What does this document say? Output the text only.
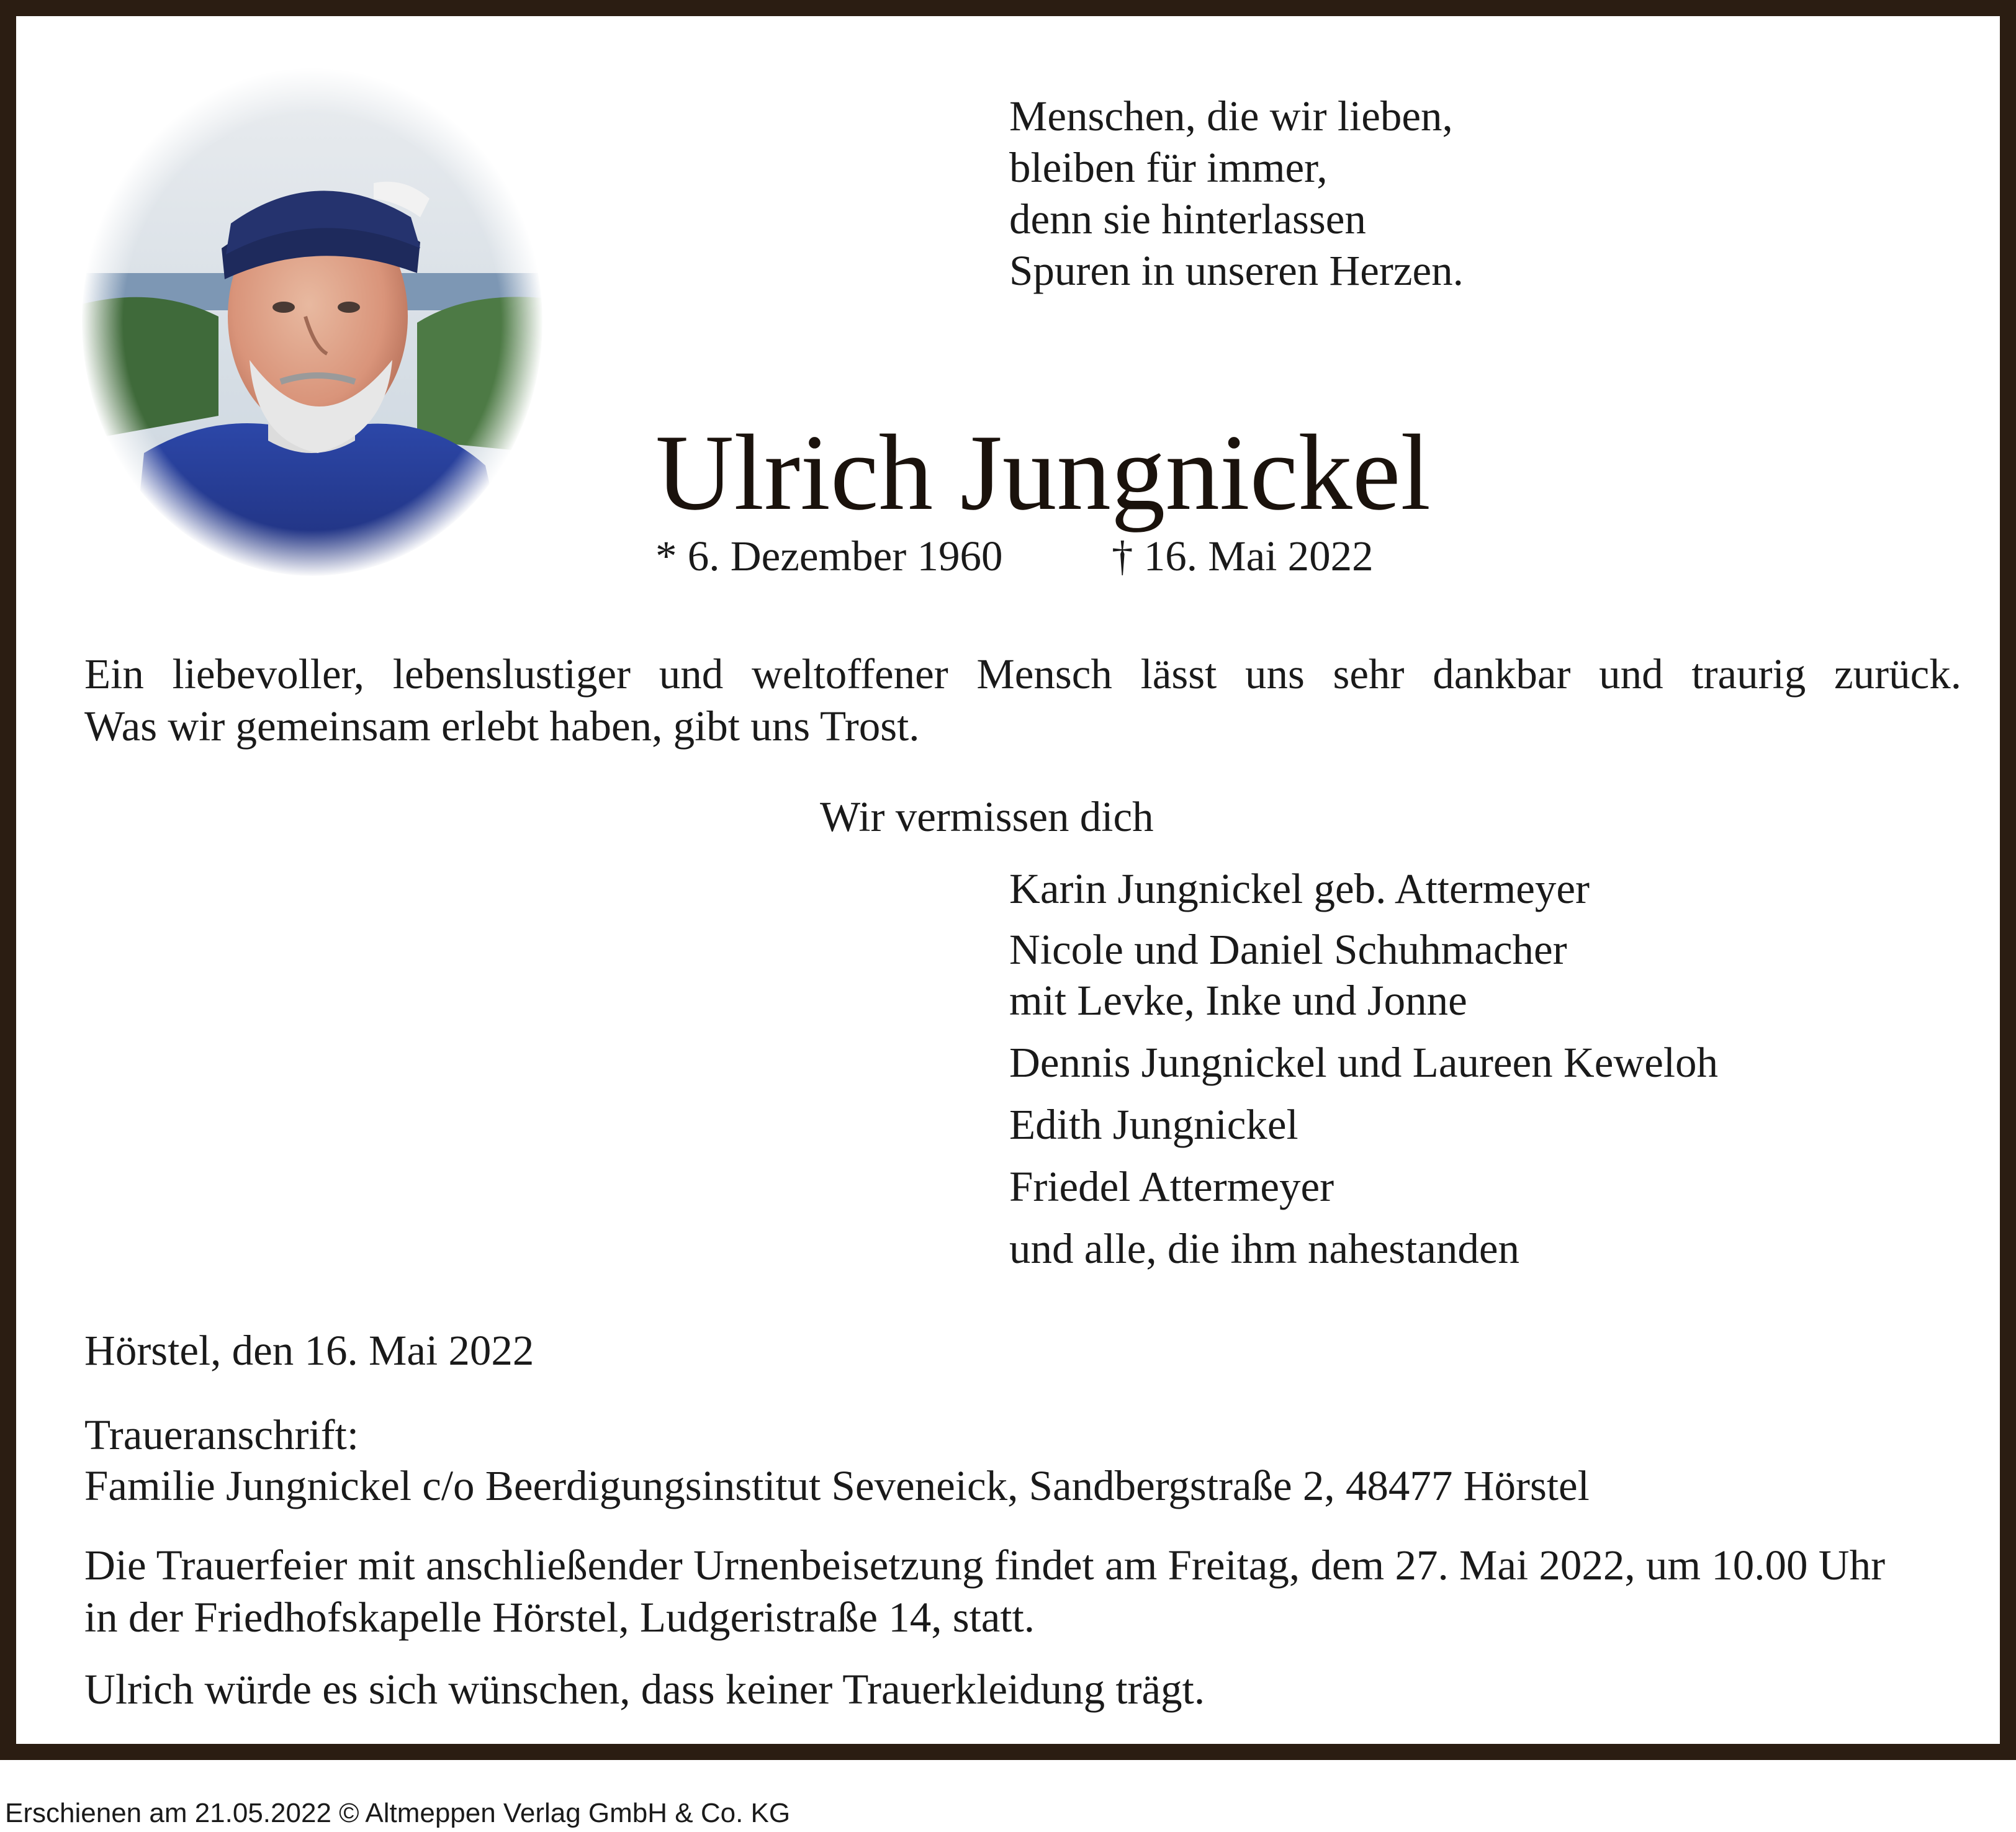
Menschen, die wir lieben,
bleiben für immer,
denn sie hinterlassen
Spuren in unseren Herzen.
Ulrich Jungnickel
* 6. Dezember 1960	† 16. Mai 2022
Ein liebevoller, lebenslustiger und weltoffener Mensch lässt uns sehr dankbar und traurig zurück.
Was wir gemeinsam erlebt haben, gibt uns Trost.
Wir vermissen dich
Karin Jungnickel geb. Attermeyer
Nicole und Daniel Schuhmacher
mit Levke, Inke und Jonne
Dennis Jungnickel und Laureen Keweloh
Edith Jungnickel
Friedel Attermeyer
und alle, die ihm nahestanden
Hörstel, den 16. Mai 2022
Traueranschrift:
Familie Jungnickel c/o Beerdigungsinstitut Seveneick, Sandbergstraße 2, 48477 Hörstel
Die Trauerfeier mit anschließender Urnenbeisetzung findet am Freitag, dem 27. Mai 2022, um 10.00 Uhr
in der Friedhofskapelle Hörstel, Ludgeristraße 14, statt.
Ulrich würde es sich wünschen, dass keiner Trauerkleidung trägt.
Erschienen am 21.05.2022 © Altmeppen Verlag GmbH & Co. KG
